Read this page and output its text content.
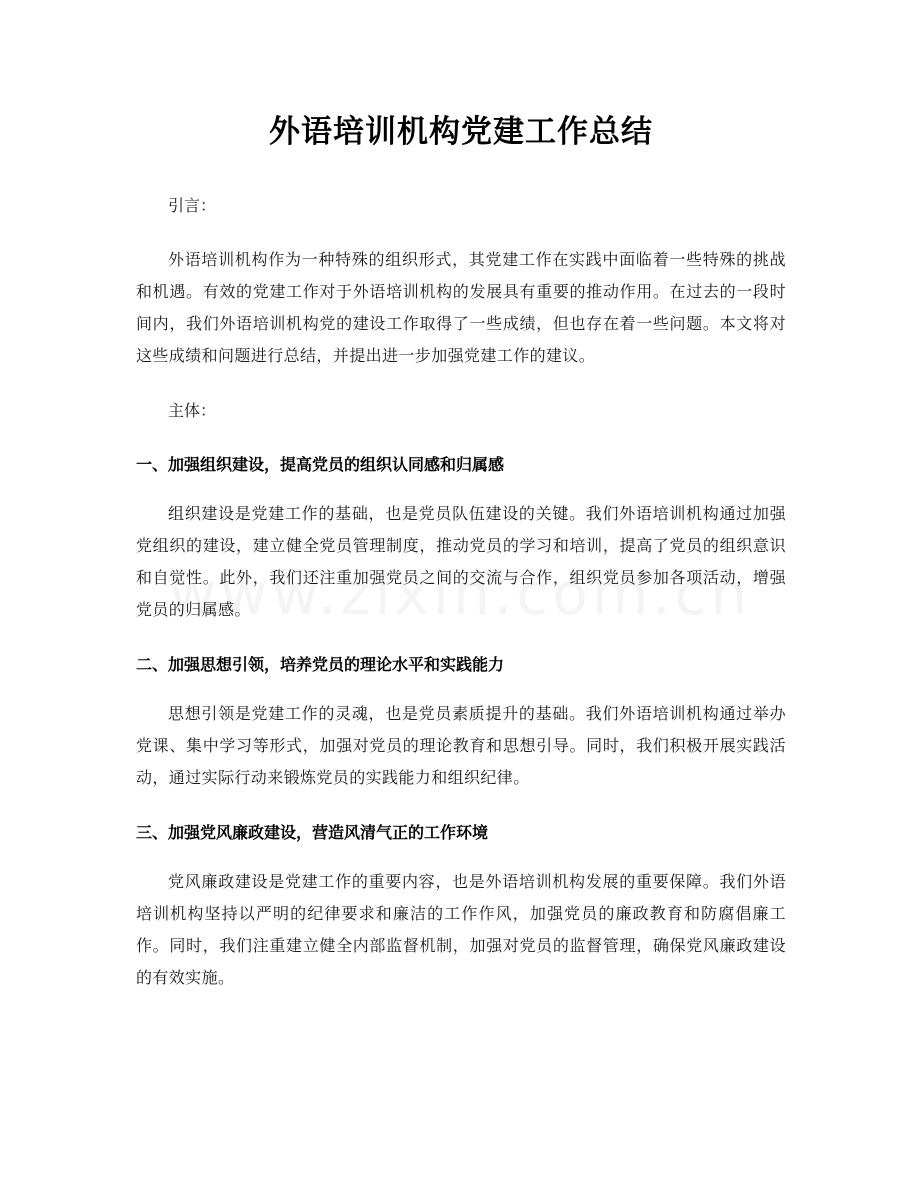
外语培训机构党建工作总结

引言：

外语培训机构作为一种特殊的组织形式，其党建工作在实践中面临着一些特殊的挑战和机遇。有效的党建工作对于外语培训机构的发展具有重要的推动作用。在过去的一段时间内，我们外语培训机构党的建设工作取得了一些成绩，但也存在着一些问题。本文将对这些成绩和问题进行总结，并提出进一步加强党建工作的建议。

主体：

一、加强组织建设，提高党员的组织认同感和归属感

组织建设是党建工作的基础，也是党员队伍建设的关键。我们外语培训机构通过加强党组织的建设，建立健全党员管理制度，推动党员的学习和培训，提高了党员的组织意识和自觉性。此外，我们还注重加强党员之间的交流与合作，组织党员参加各项活动，增强党员的归属感。

二、加强思想引领，培养党员的理论水平和实践能力

思想引领是党建工作的灵魂，也是党员素质提升的基础。我们外语培训机构通过举办党课、集中学习等形式，加强对党员的理论教育和思想引导。同时，我们积极开展实践活动，通过实际行动来锻炼党员的实践能力和组织纪律。

三、加强党风廉政建设，营造风清气正的工作环境

党风廉政建设是党建工作的重要内容，也是外语培训机构发展的重要保障。我们外语培训机构坚持以严明的纪律要求和廉洁的工作作风，加强党员的廉政教育和防腐倡廉工作。同时，我们注重建立健全内部监督机制，加强对党员的监督管理，确保党风廉政建设的有效实施。
